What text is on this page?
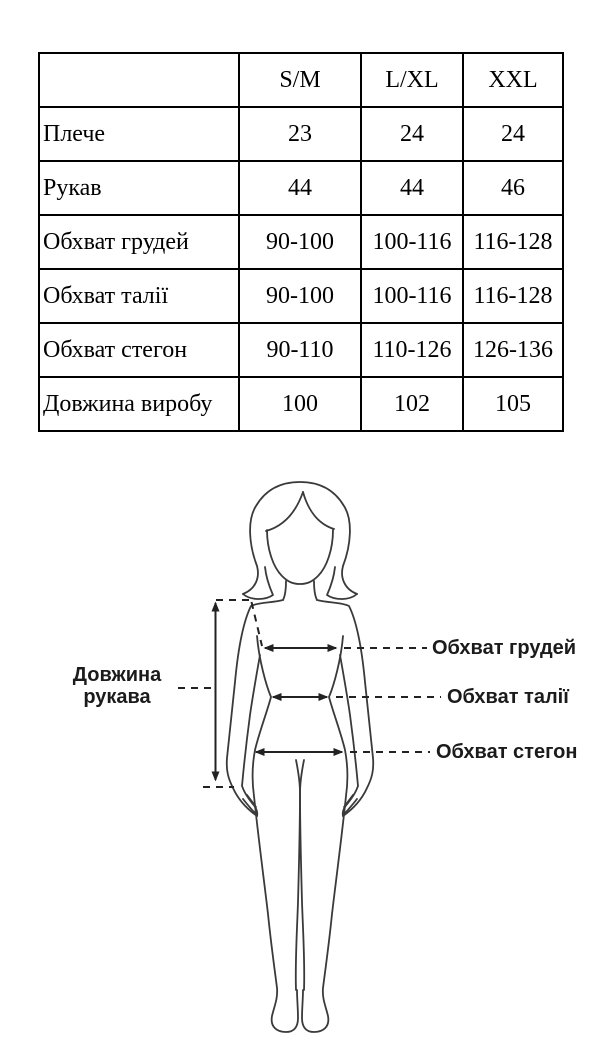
	S/M	L/XL	XXL
Плече	23	24	24
Рукав	44	44	46
Обхват грудей	90-100	100-116	116-128
Обхват талії	90-100	100-116	116-128
Обхват стегон	90-110	110-126	126-136
Довжина виробу	100	102	105
Довжина рукава
Обхват грудей
Обхват талії
Обхват стегон
